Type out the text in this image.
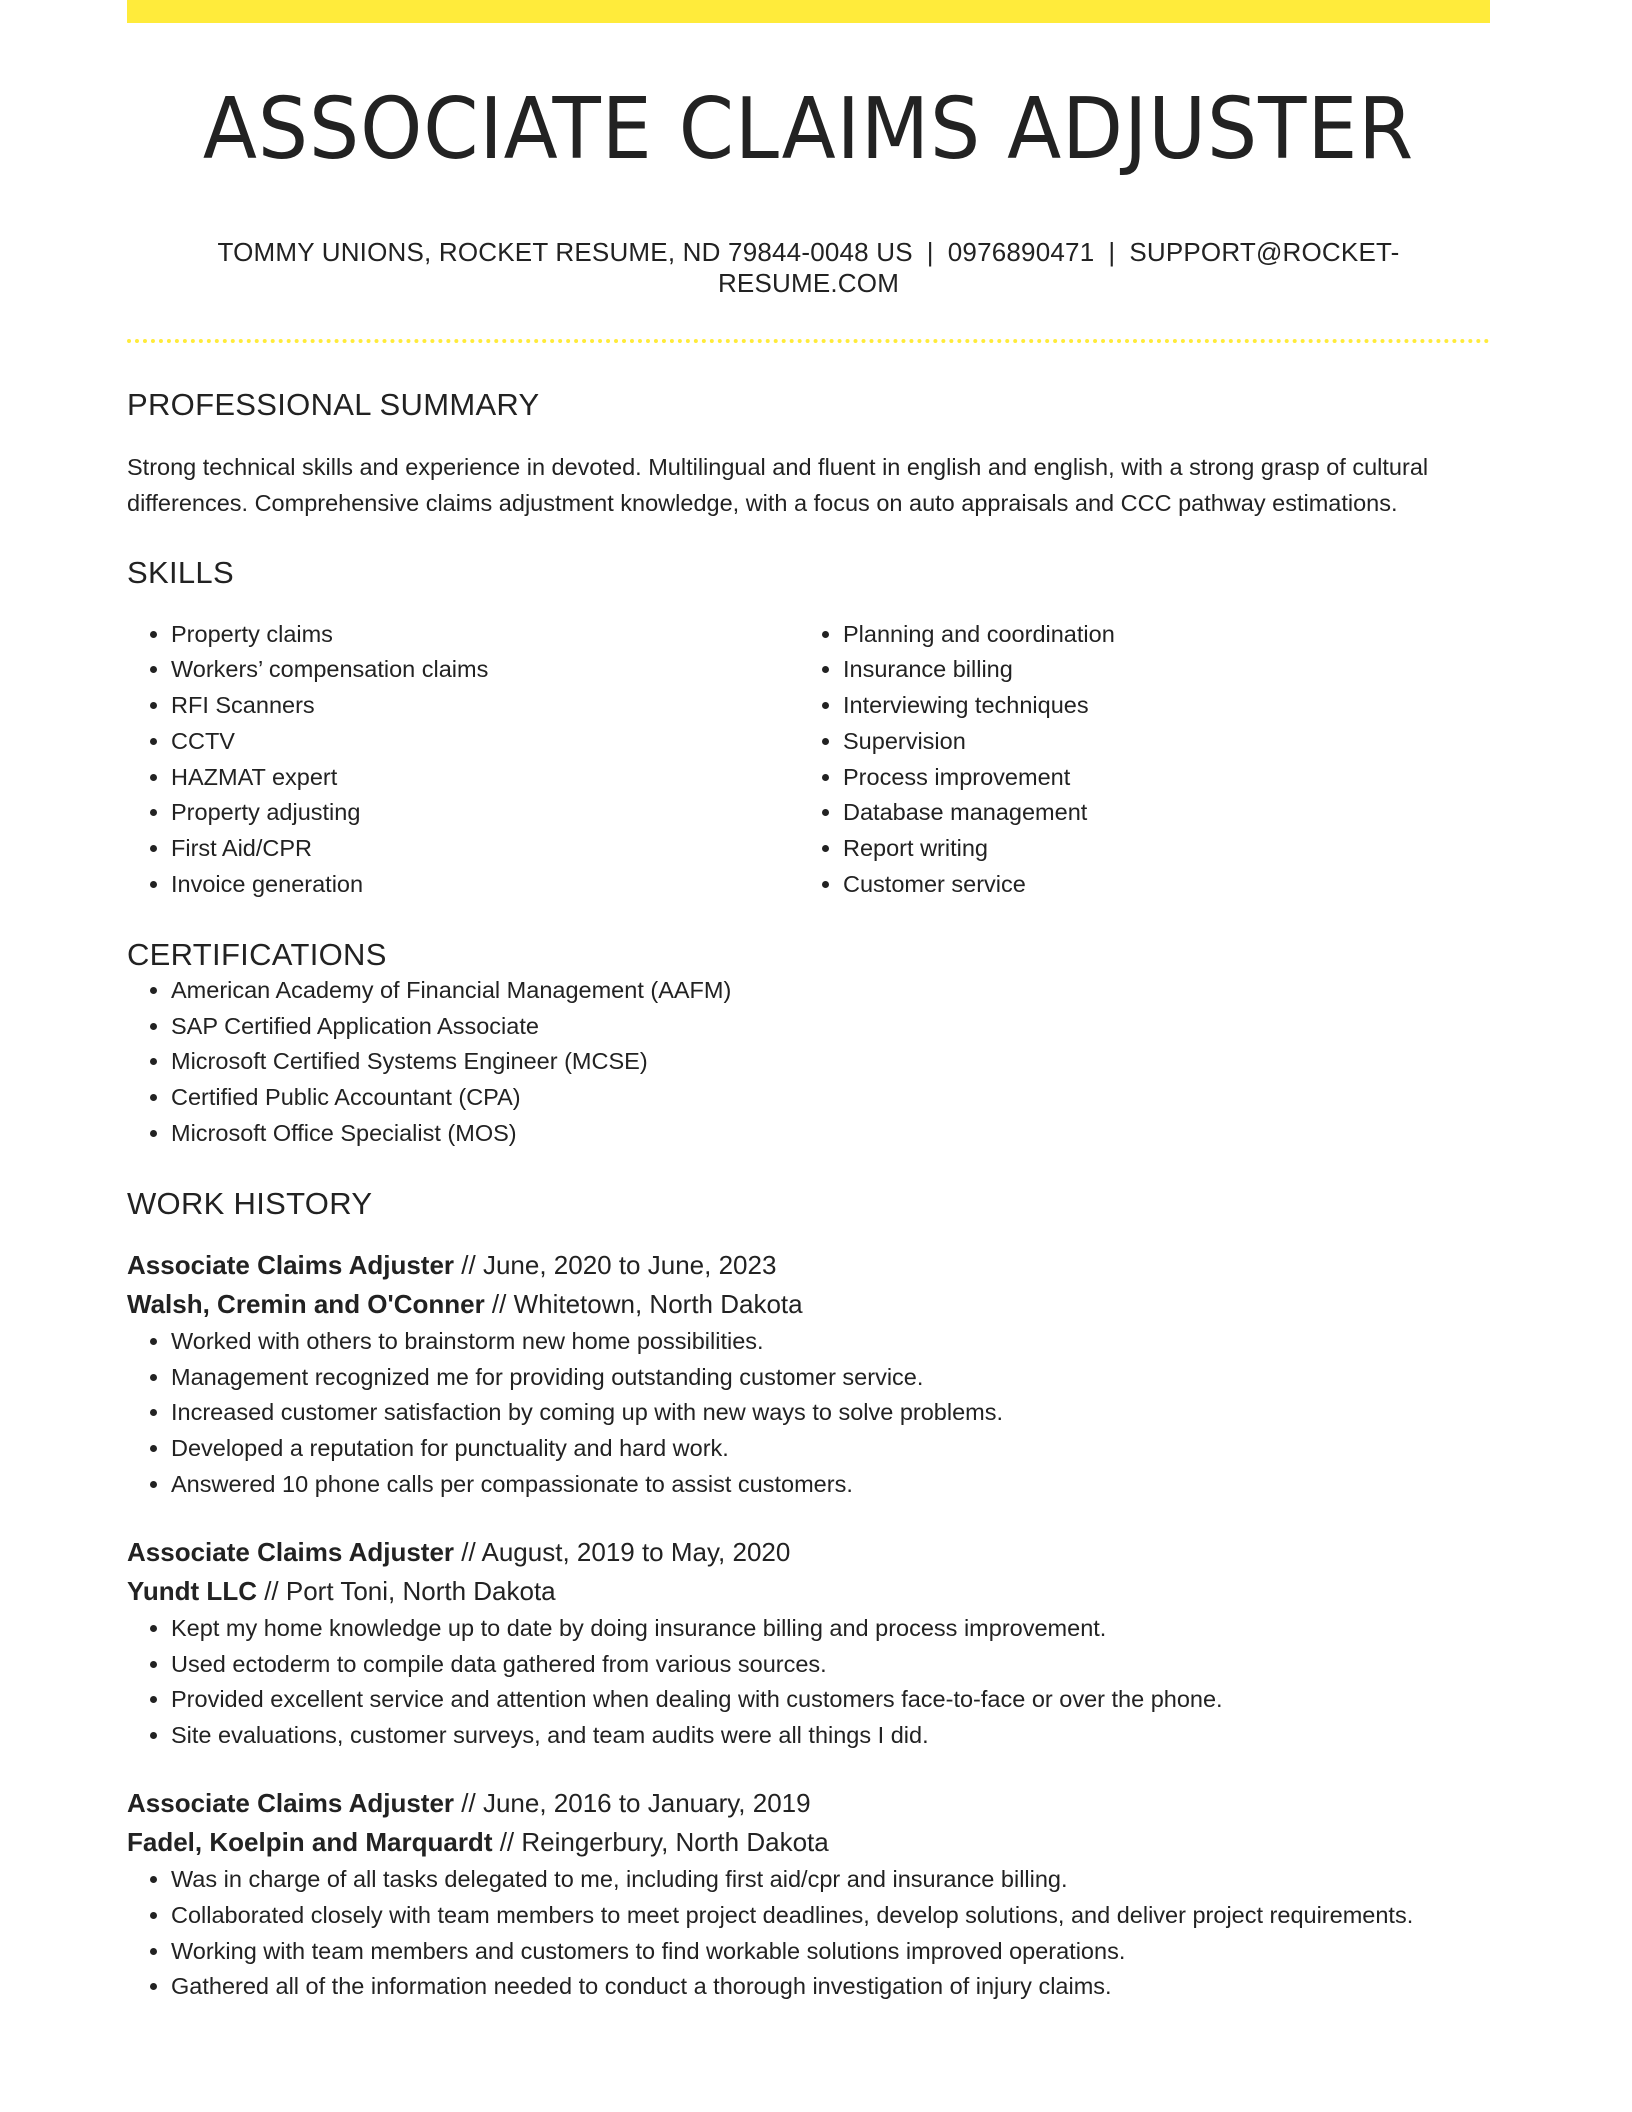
ASSOCIATE CLAIMS ADJUSTER
TOMMY UNIONS, ROCKET RESUME, ND 79844-0048 US | 0976890471 | SUPPORT@ROCKET-RESUME.COM
PROFESSIONAL SUMMARY
Strong technical skills and experience in devoted. Multilingual and fluent in english and english, with a strong grasp of cultural differences. Comprehensive claims adjustment knowledge, with a focus on auto appraisals and CCC pathway estimations.
SKILLS
• Property claims
• Workers’ compensation claims
• RFI Scanners
• CCTV
• HAZMAT expert
• Property adjusting
• First Aid/CPR
• Invoice generation
• Planning and coordination
• Insurance billing
• Interviewing techniques
• Supervision
• Process improvement
• Database management
• Report writing
• Customer service
CERTIFICATIONS
• American Academy of Financial Management (AAFM)
• SAP Certified Application Associate
• Microsoft Certified Systems Engineer (MCSE)
• Certified Public Accountant (CPA)
• Microsoft Office Specialist (MOS)
WORK HISTORY
Associate Claims Adjuster // June, 2020 to June, 2023
Walsh, Cremin and O'Conner // Whitetown, North Dakota
• Worked with others to brainstorm new home possibilities.
• Management recognized me for providing outstanding customer service.
• Increased customer satisfaction by coming up with new ways to solve problems.
• Developed a reputation for punctuality and hard work.
• Answered 10 phone calls per compassionate to assist customers.
Associate Claims Adjuster // August, 2019 to May, 2020
Yundt LLC // Port Toni, North Dakota
• Kept my home knowledge up to date by doing insurance billing and process improvement.
• Used ectoderm to compile data gathered from various sources.
• Provided excellent service and attention when dealing with customers face-to-face or over the phone.
• Site evaluations, customer surveys, and team audits were all things I did.
Associate Claims Adjuster // June, 2016 to January, 2019
Fadel, Koelpin and Marquardt // Reingerbury, North Dakota
• Was in charge of all tasks delegated to me, including first aid/cpr and insurance billing.
• Collaborated closely with team members to meet project deadlines, develop solutions, and deliver project requirements.
• Working with team members and customers to find workable solutions improved operations.
• Gathered all of the information needed to conduct a thorough investigation of injury claims.
